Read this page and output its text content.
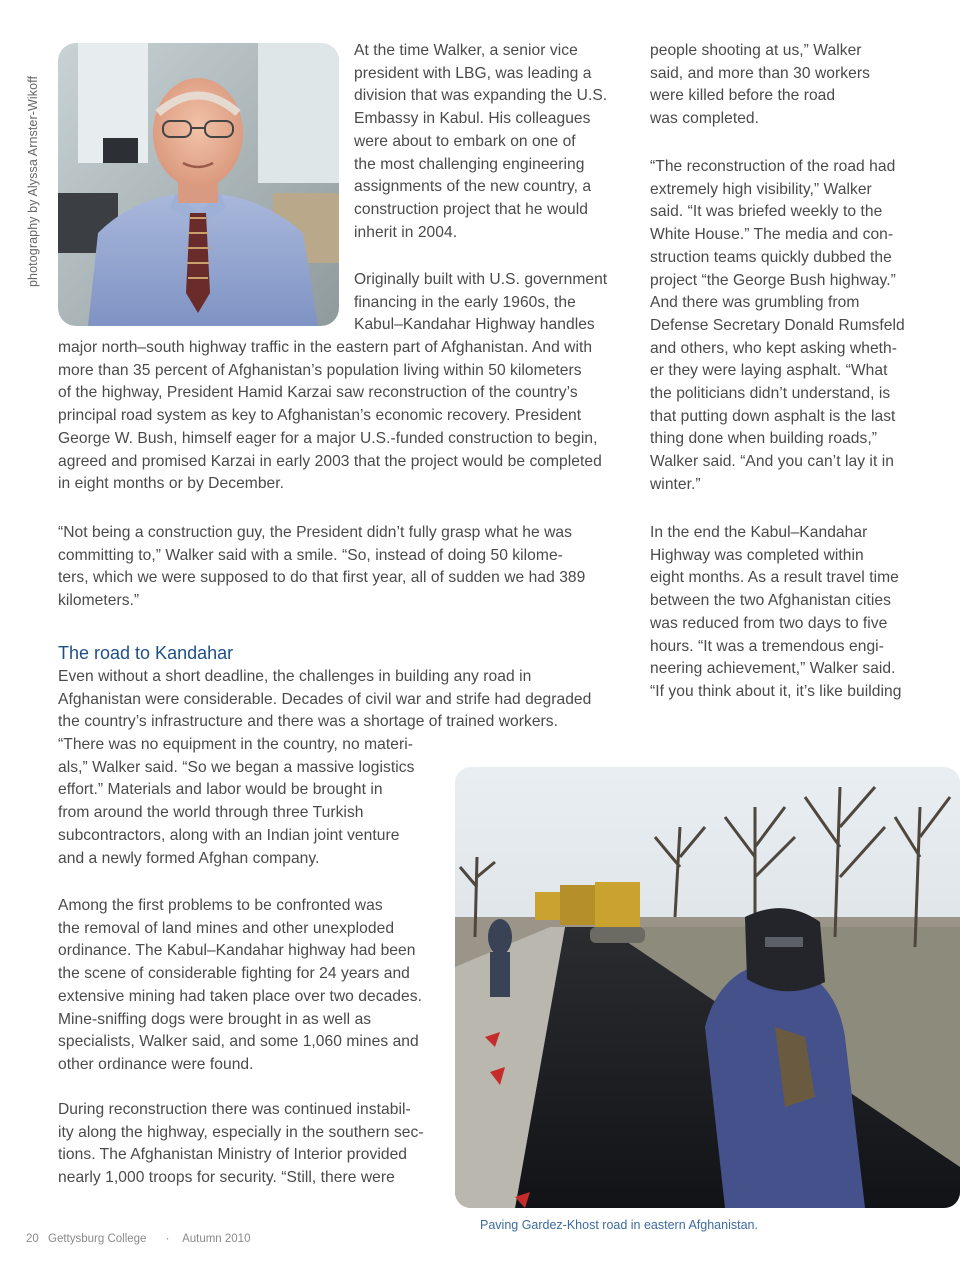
photography by Alyssa Arnster-Wikoff
At the time Walker, a senior vice
president with LBG, was leading a
division that was expanding the U.S.
Embassy in Kabul. His colleagues
were about to embark on one of
the most challenging engineering
assignments of the new country, a
construction project that he would
inherit in 2004.
Originally built with U.S. government
financing in the early 1960s, the
Kabul–Kandahar Highway handles
major north–south highway traffic in the eastern part of Afghanistan. And with
more than 35 percent of Afghanistan’s population living within 50 kilometers
of the highway, President Hamid Karzai saw reconstruction of the country’s
principal road system as key to Afghanistan’s economic recovery. President
George W. Bush, himself eager for a major U.S.-funded construction to begin,
agreed and promised Karzai in early 2003 that the project would be completed
in eight months or by December.
“Not being a construction guy, the President didn’t fully grasp what he was
committing to,” Walker said with a smile. “So, instead of doing 50 kilome-
ters, which we were supposed to do that first year, all of sudden we had 389
kilometers.”
The road to Kandahar
Even without a short deadline, the challenges in building any road in
Afghanistan were considerable. Decades of civil war and strife had degraded
the country’s infrastructure and there was a shortage of trained workers.
“There was no equipment in the country, no materi-
als,” Walker said. “So we began a massive logistics
effort.” Materials and labor would be brought in
from around the world through three Turkish
subcontractors, along with an Indian joint venture
and a newly formed Afghan company.
Among the first problems to be confronted was
the removal of land mines and other unexploded
ordinance. The Kabul–Kandahar highway had been
the scene of considerable fighting for 24 years and
extensive mining had taken place over two decades.
Mine-sniffing dogs were brought in as well as
specialists, Walker said, and some 1,060 mines and
other ordinance were found.
During reconstruction there was continued instabil-
ity along the highway, especially in the southern sec-
tions. The Afghanistan Ministry of Interior provided
nearly 1,000 troops for security. “Still, there were
people shooting at us,” Walker
said, and more than 30 workers
were killed before the road
was completed.
“The reconstruction of the road had
extremely high visibility,” Walker
said. “It was briefed weekly to the
White House.” The media and con-
struction teams quickly dubbed the
project “the George Bush highway.”
And there was grumbling from
Defense Secretary Donald Rumsfeld
and others, who kept asking wheth-
er they were laying asphalt. “What
the politicians didn’t understand, is
that putting down asphalt is the last
thing done when building roads,”
Walker said. “And you can’t lay it in
winter.”
In the end the Kabul–Kandahar
Highway was completed within
eight months. As a result travel time
between the two Afghanistan cities
was reduced from two days to five
hours. “It was a tremendous engi-
neering achievement,” Walker said.
“If you think about it, it’s like building
Paving Gardez-Khost road in eastern Afghanistan.
20 Gettysburg College · Autumn 2010
